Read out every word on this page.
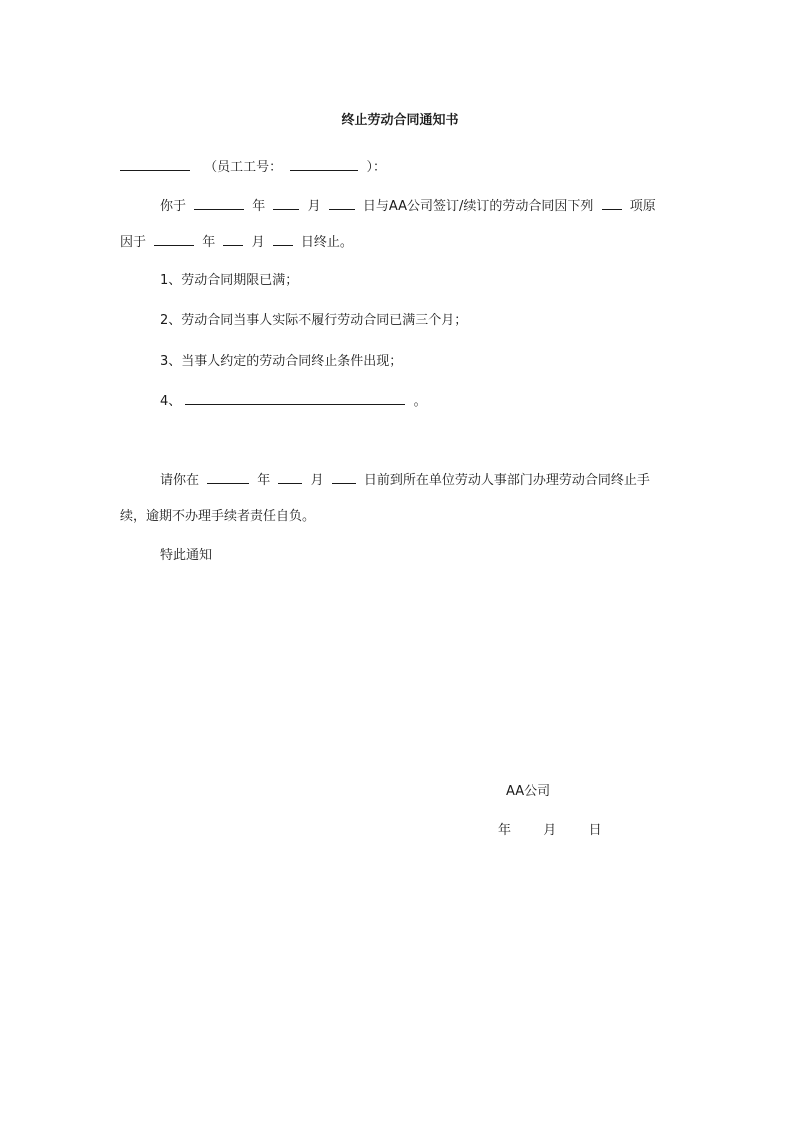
终止劳动合同通知书
（员工工号：	）：
你于	年	月	日与AA公司签订/续订的劳动合同因下列	项原
因于	年	月	日终止。
1、劳动合同期限已满；
2、劳动合同当事人实际不履行劳动合同已满三个月；
3、当事人约定的劳动合同终止条件出现；
4、	。
请你在	年	月	日前到所在单位劳动人事部门办理劳动合同终止手
续，逾期不办理手续者责任自负。
特此通知
AA公司
年 月 日
